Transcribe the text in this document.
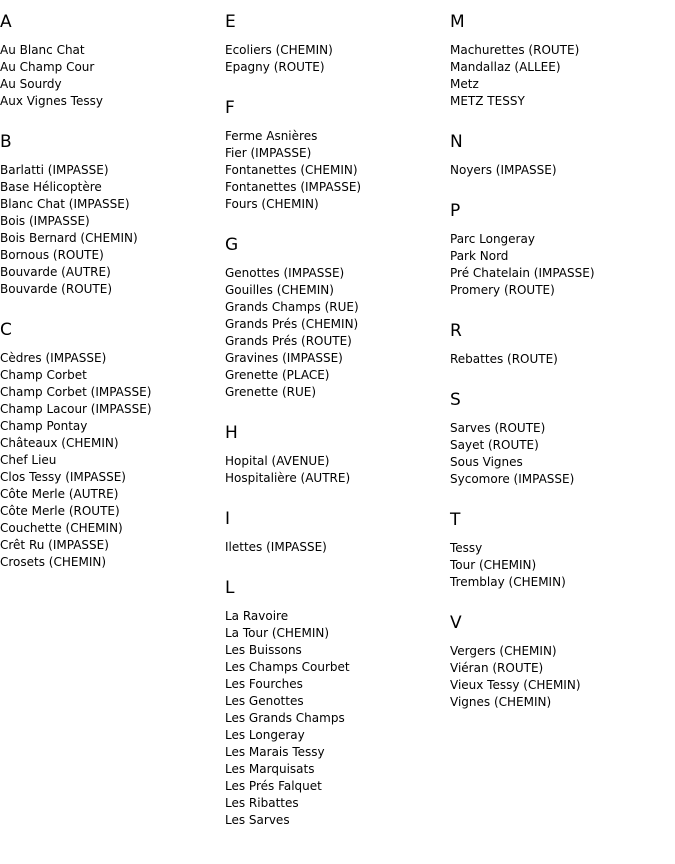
A
Au Blanc Chat
Au Champ Cour
Au Sourdy
Aux Vignes Tessy
B
Barlatti (IMPASSE)
Base Hélicoptère
Blanc Chat (IMPASSE)
Bois (IMPASSE)
Bois Bernard (CHEMIN)
Bornous (ROUTE)
Bouvarde (AUTRE)
Bouvarde (ROUTE)
C
Cèdres (IMPASSE)
Champ Corbet
Champ Corbet (IMPASSE)
Champ Lacour (IMPASSE)
Champ Pontay
Châteaux (CHEMIN)
Chef Lieu
Clos Tessy (IMPASSE)
Côte Merle (AUTRE)
Côte Merle (ROUTE)
Couchette (CHEMIN)
Crêt Ru (IMPASSE)
Crosets (CHEMIN)
E
Ecoliers (CHEMIN)
Epagny (ROUTE)
F
Ferme Asnières
Fier (IMPASSE)
Fontanettes (CHEMIN)
Fontanettes (IMPASSE)
Fours (CHEMIN)
G
Genottes (IMPASSE)
Gouilles (CHEMIN)
Grands Champs (RUE)
Grands Prés (CHEMIN)
Grands Prés (ROUTE)
Gravines (IMPASSE)
Grenette (PLACE)
Grenette (RUE)
H
Hopital (AVENUE)
Hospitalière (AUTRE)
I
Ilettes (IMPASSE)
L
La Ravoire
La Tour (CHEMIN)
Les Buissons
Les Champs Courbet
Les Fourches
Les Genottes
Les Grands Champs
Les Longeray
Les Marais Tessy
Les Marquisats
Les Prés Falquet
Les Ribattes
Les Sarves
M
Machurettes (ROUTE)
Mandallaz (ALLEE)
Metz
METZ TESSY
N
Noyers (IMPASSE)
P
Parc Longeray
Park Nord
Pré Chatelain (IMPASSE)
Promery (ROUTE)
R
Rebattes (ROUTE)
S
Sarves (ROUTE)
Sayet (ROUTE)
Sous Vignes
Sycomore (IMPASSE)
T
Tessy
Tour (CHEMIN)
Tremblay (CHEMIN)
V
Vergers (CHEMIN)
Viéran (ROUTE)
Vieux Tessy (CHEMIN)
Vignes (CHEMIN)
